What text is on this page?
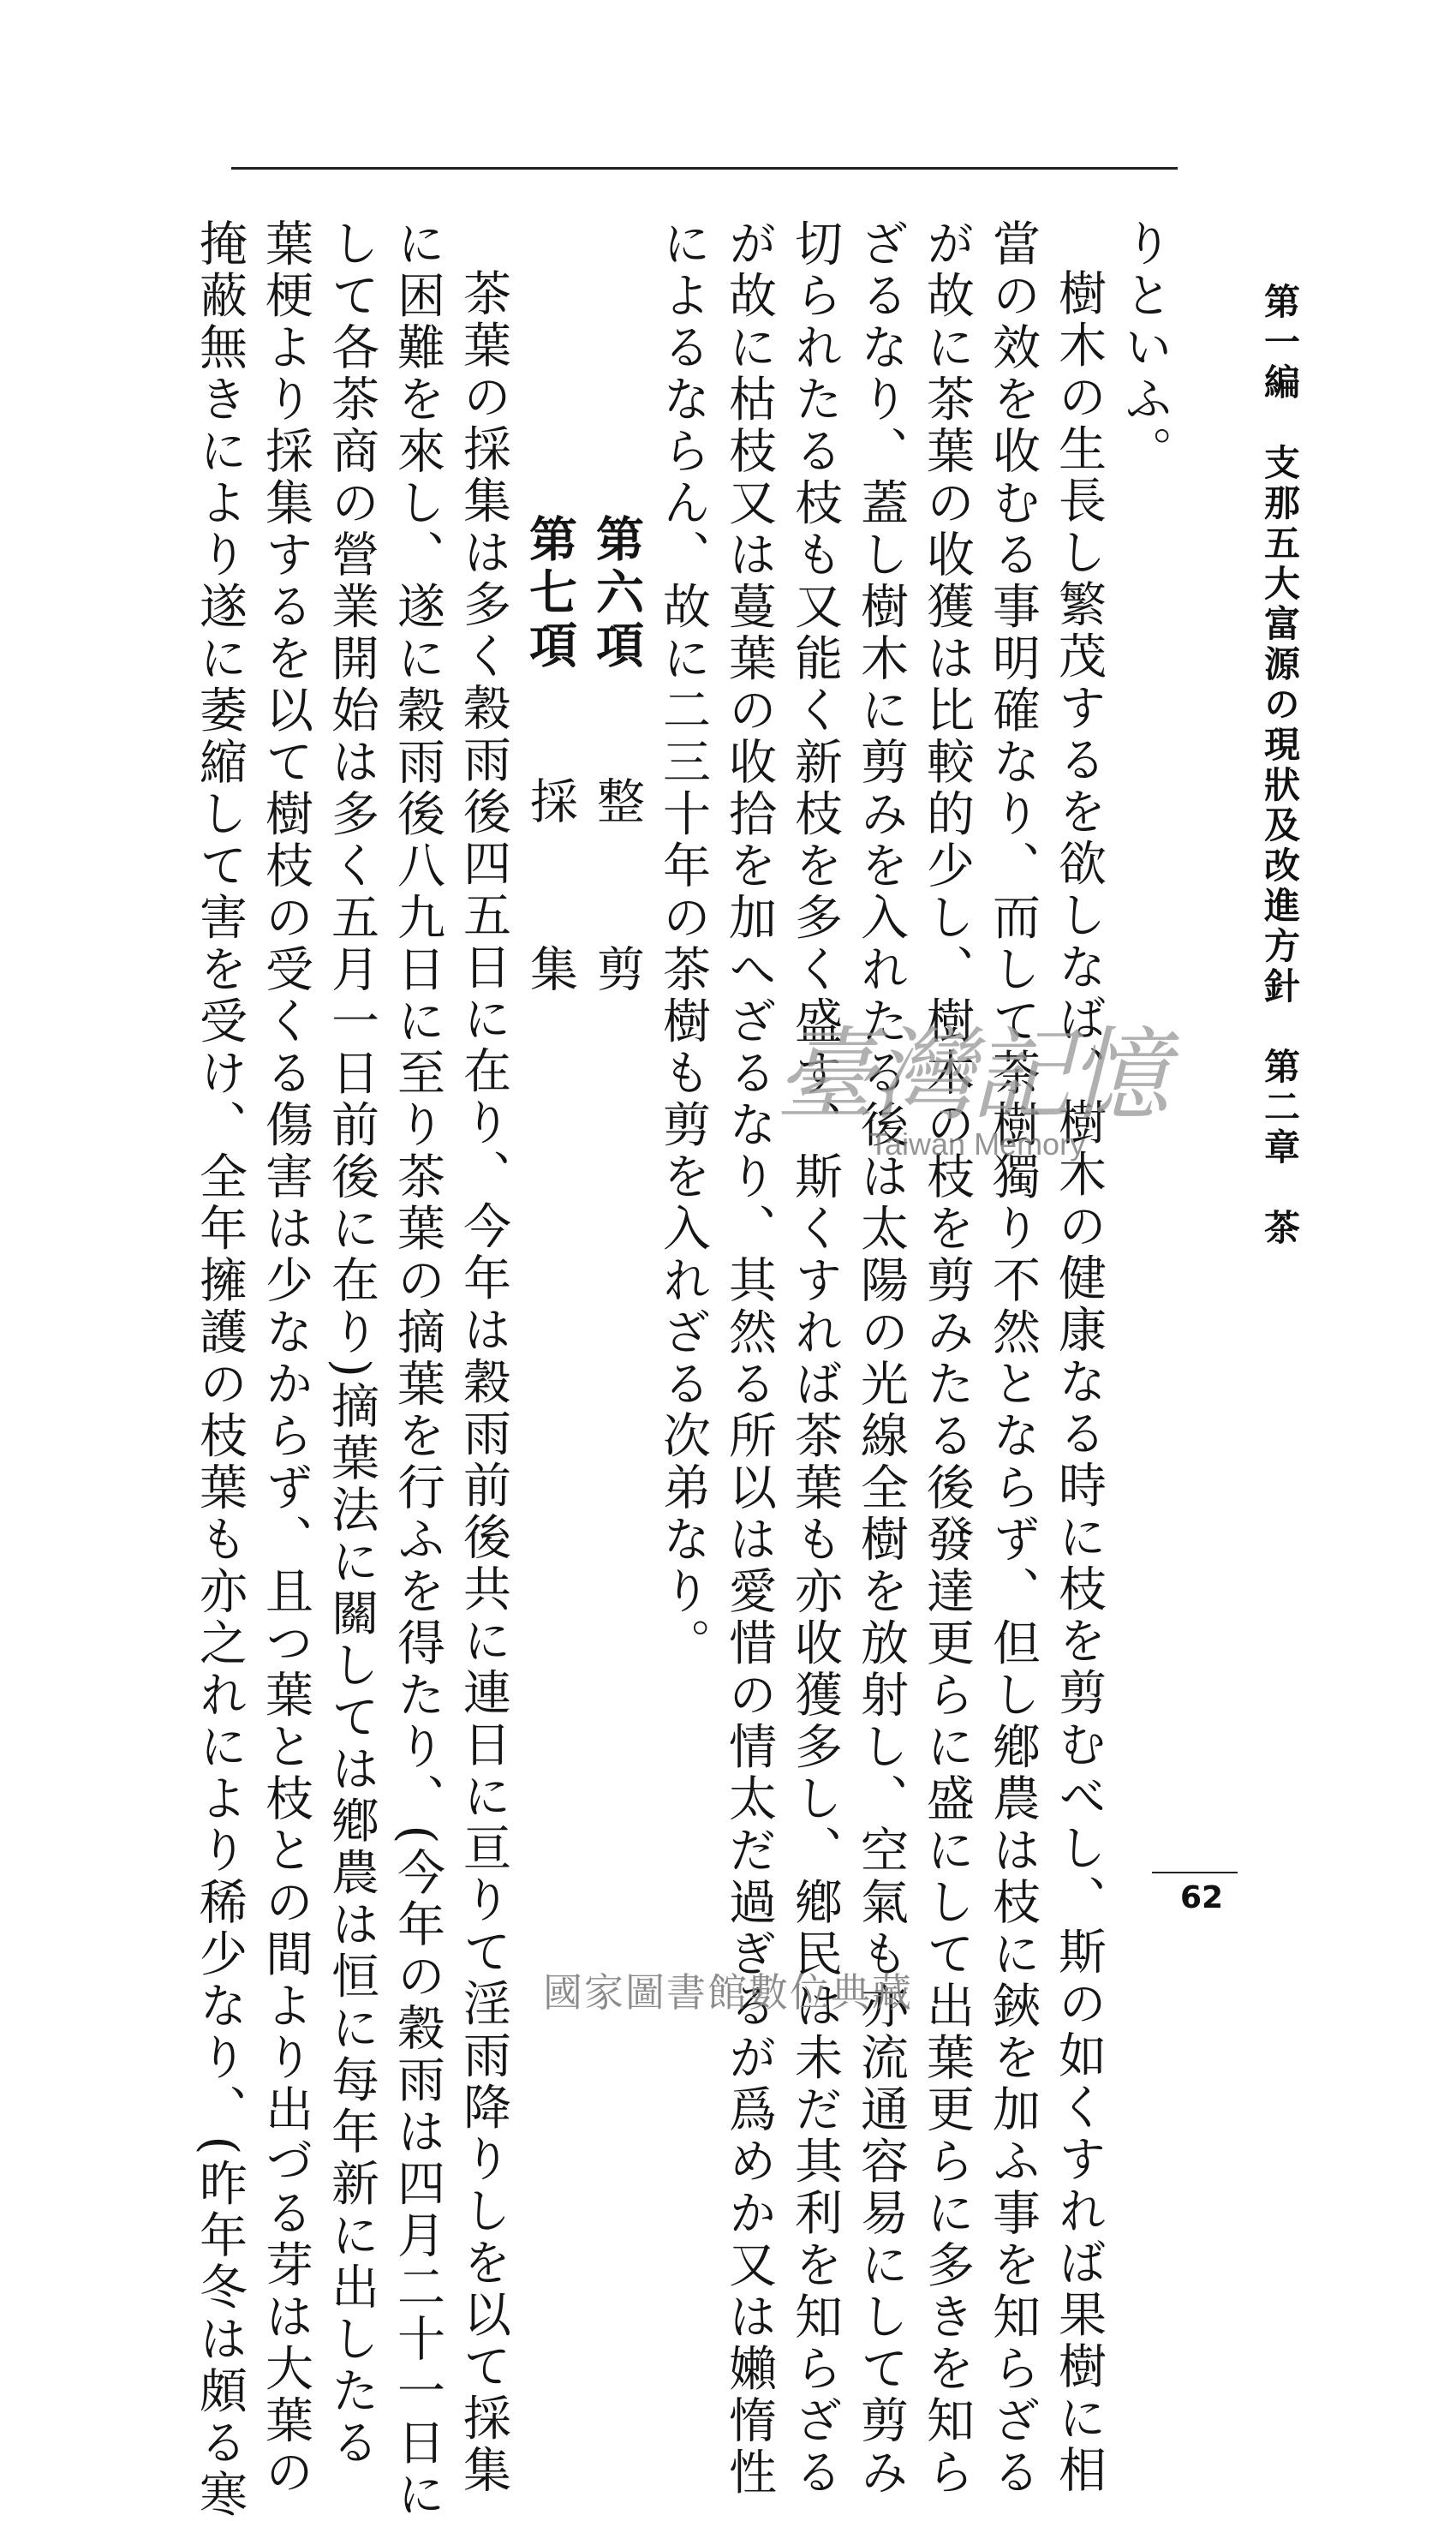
第一編　支那五大富源の現狀及改進方針　第二章　茶

りといふ。

樹木の生長し繁茂するを欲しなば、樹木の健康なる時に枝を剪むべし、斯の如くすれば果樹に相

當の效を收むる事明確なり、而して茶樹獨り不然とならず、但し鄕農は枝に鋏を加ふ事を知らざる

が故に茶葉の收獲は比較的少し、樹木の枝を剪みたる後發達更らに盛にして出葉更らに多きを知ら

ざるなり、蓋し樹木に剪みを入れたる後は太陽の光線全樹を放射し、空氣も亦流通容易にして剪み

切られたる枝も又能く新枝を多く盛す、斯くすれば茶葉も亦收獲多し、鄕民は未だ其利を知らざる

が故に枯枝又は蔓葉の收拾を加へざるなり、其然る所以は愛惜の情太だ過ぎるが爲めか又は嬾惰性

によるならん、故に二三十年の茶樹も剪を入れざる次弟なり。

第六項整剪

第七項採集

茶葉の採集は多く穀雨後四五日に在り、今年は穀雨前後共に連日に亘りて淫雨降りしを以て採集

に困難を來し、遂に穀雨後八九日に至り茶葉の摘葉を行ふを得たり、(今年の穀雨は四月二十一日に

して各茶商の營業開始は多く五月一日前後に在り)摘葉法に關しては鄕農は恒に每年新に出したる

葉梗より採集するを以て樹枝の受くる傷害は少なからず、且つ葉と枝との間より出づる芽は大葉の

掩蔽無きにより遂に萎縮して害を受け、全年擁護の枝葉も亦之れにより稀少なり、(昨年冬は頗る寒	62
臺灣記憶
Taiwan Memory
國家圖書館數位典藏
